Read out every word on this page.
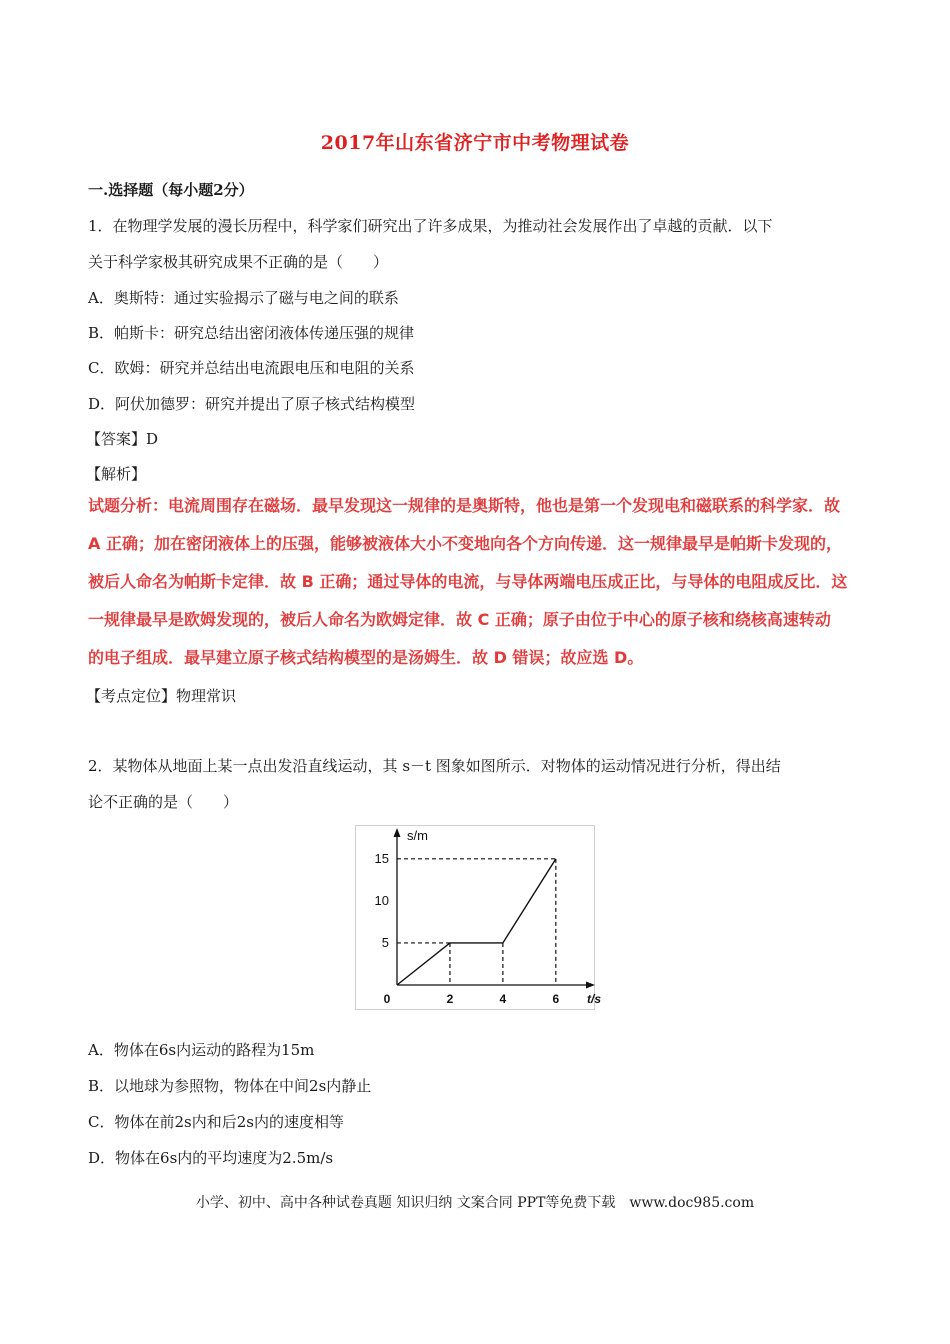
2017年山东省济宁市中考物理试卷
一.选择题（每小题2分）
1．在物理学发展的漫长历程中，科学家们研究出了许多成果，为推动社会发展作出了卓越的贡献．以下
关于科学家极其研究成果不正确的是（　　）
A．奥斯特：通过实验揭示了磁与电之间的联系
B．帕斯卡：研究总结出密闭液体传递压强的规律
C．欧姆：研究并总结出电流跟电压和电阻的关系
D．阿伏加德罗：研究并提出了原子核式结构模型
【答案】D
【解析】
试题分析：电流周围存在磁场．最早发现这一规律的是奥斯特，他也是第一个发现电和磁联系的科学家．故
A 正确；加在密闭液体上的压强，能够被液体大小不变地向各个方向传递．这一规律最早是帕斯卡发现的，
被后人命名为帕斯卡定律．故 B 正确；通过导体的电流，与导体两端电压成正比，与导体的电阻成反比．这
一规律最早是欧姆发现的，被后人命名为欧姆定律．故 C 正确；原子由位于中心的原子核和绕核高速转动
的电子组成．最早建立原子核式结构模型的是汤姆生．故 D 错误；故应选 D。
【考点定位】物理常识
2．某物体从地面上某一点出发沿直线运动，其 s－t 图象如图所示．对物体的运动情况进行分析，得出结
论不正确的是（　　）
s/m
t/s
0	2	4	6
5
10
15
A．物体在6s内运动的路程为15m
B．以地球为参照物，物体在中间2s内静止
C．物体在前2s内和后2s内的速度相等
D．物体在6s内的平均速度为2.5m/s
小学、初中、高中各种试卷真题 知识归纳 文案合同 PPT等免费下载　www.doc985.com
